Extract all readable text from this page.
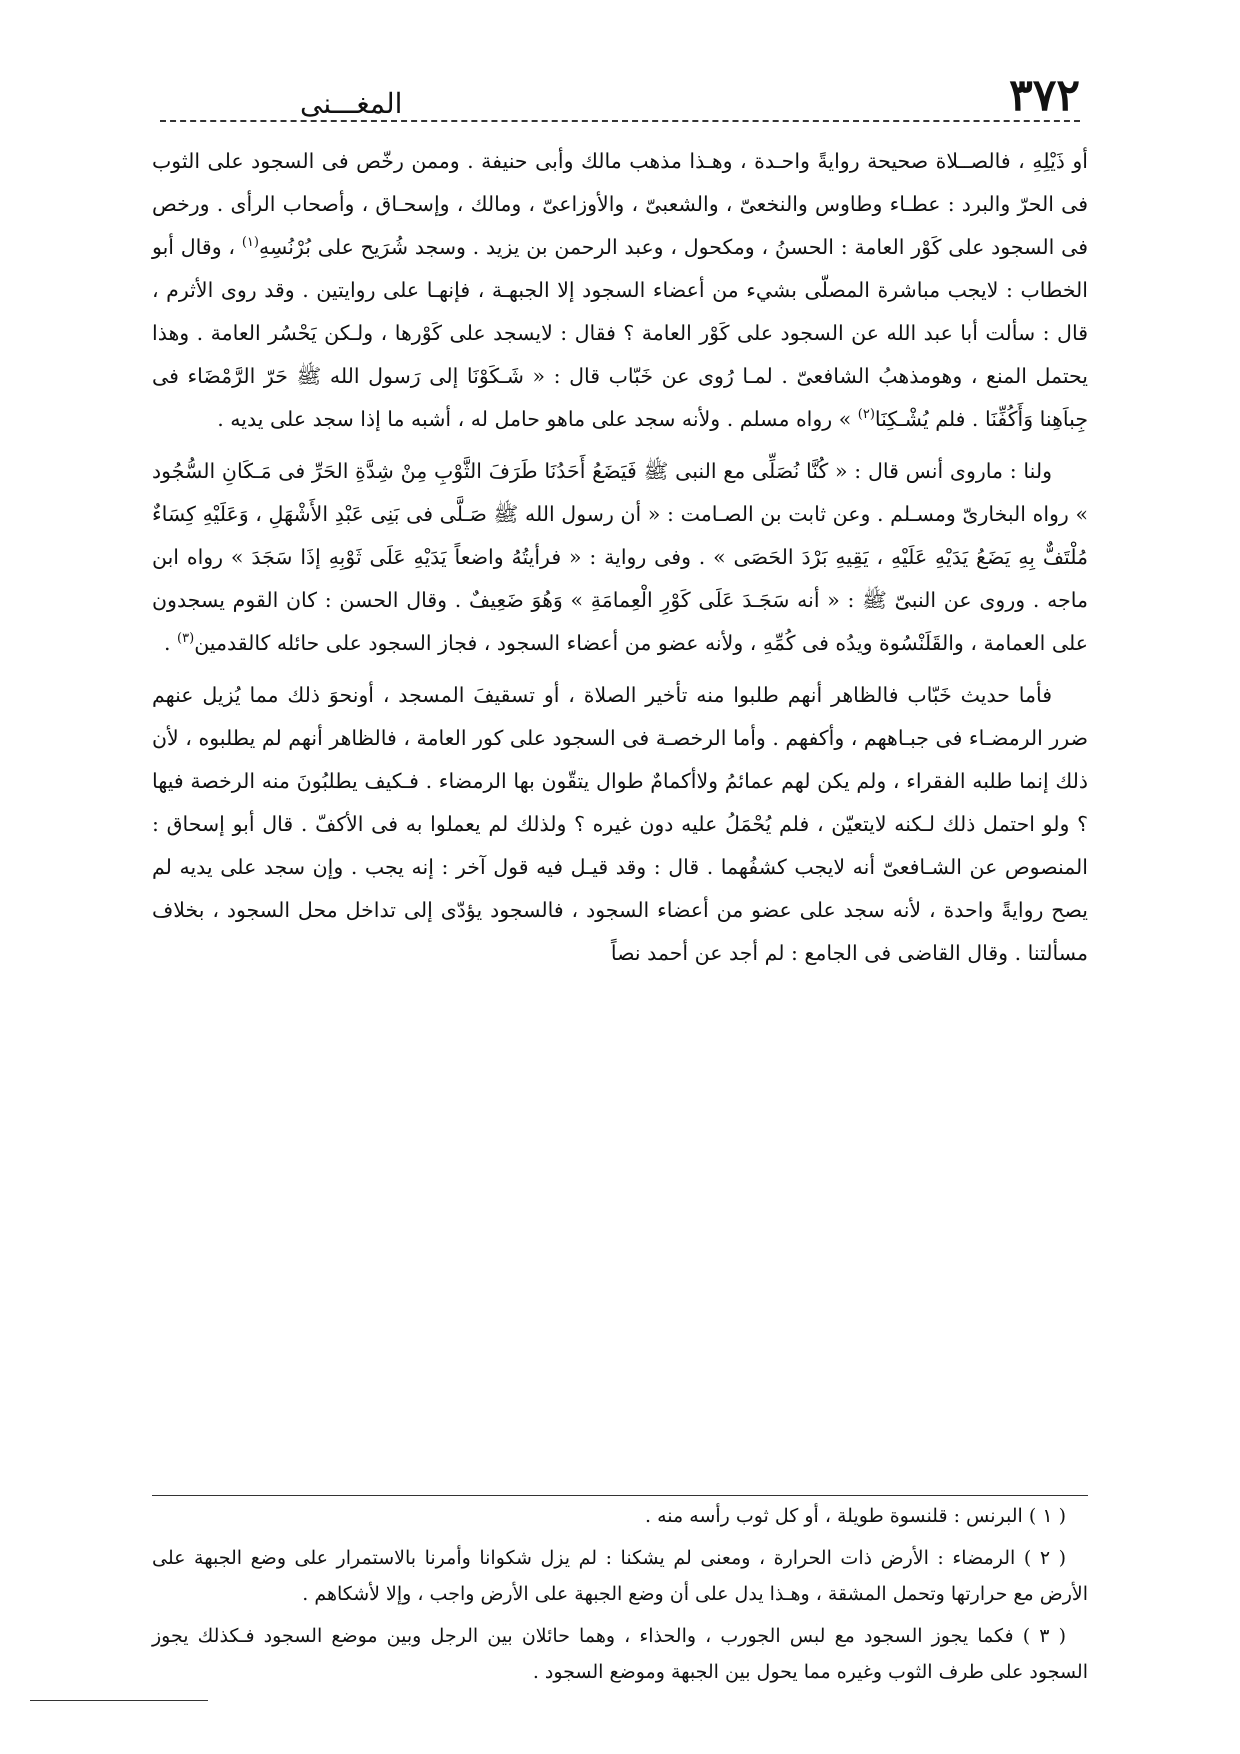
٣٧٢
المغـــنى

أو ذَيْلِهِ ، فالصــلاة صحيحة روايةً واحـدة ، وهـذا مذهب مالك وأبى حنيفة . وممن رخّص فى السجود على الثوب فى الحرّ والبرد : عطـاء وطاوس والنخعىّ ، والشعبىّ ، والأوزاعىّ ، ومالك ، وإسحـاق ، وأصحاب الرأى . ورخص فى السجود على كَوْر العامة : الحسنُ ، ومكحول ، وعبد الرحمن بن يزيد . وسجد شُرَيح على بُرْنُسِهِ$^{(١)}$ ، وقال أبو الخطاب : لايجب مباشرة المصلّى بشيء من أعضاء السجود إلا الجبهـة ، فإنهـا على روايتين . وقد روى الأثرم ، قال : سألت أبا عبد الله عن السجود على كَوْر العامة ؟ فقال : لايسجد على كَوْرها ، ولـكن يَحْسُر العامة . وهذا يحتمل المنع ، وهومذهبُ الشافعىّ . لمـا رُوى عن خَبّاب قال : « شَـكَوْنَا إلى رَسول الله ﷺ حَرّ الرَّمْضَاء فى جِباَهِنا وَأَكُفِّنَا . فلم يُشْـكِنَا$^{(٢)}$ » رواه مسلم . ولأنه سجد على ماهو حامل له ، أشبه ما إذا سجد على يديه .

ولنا : ماروى أنس قال : « كُنَّا نُصَلِّى مع النبى ﷺ فَيَضَعُ أَحَدُنَا طَرَفَ الثَّوْبِ مِنْ شِدَّةِ الحَرِّ فى مَـكَانِ السُّجُود » رواه البخارىّ ومسـلم . وعن ثابت بن الصـامت : « أن رسول الله ﷺ صَـلَّى فى بَنِى عَبْدِ الأَشْهَلِ ، وَعَلَيْهِ كِسَاءٌ مُلْتَفٌّ بِهِ يَضَعُ يَدَيْهِ عَلَيْهِ ، يَقِيهِ بَرْدَ الحَصَى » . وفى رواية : « فرأيتُهُ واضعاً يَدَيْهِ عَلَى ثَوْبِهِ إذَا سَجَدَ » رواه ابن ماجه . وروى عن النبىّ ﷺ : « أنه سَجَـدَ عَلَى كَوْرِ الْعِمامَةِ » وَهُوَ ضَعِيفٌ . وقال الحسن : كان القوم يسجدون على العمامة ، والقَلَنْسُوة ويدُه فى كُمِّهِ ، ولأنه عضو من أعضاء السجود ، فجاز السجود على حائله كالقدمين$^{(٣)}$ .

فأما حديث خَبّاب فالظاهر أنهم طلبوا منه تأخير الصلاة ، أو تسقيفَ المسجد ، أونحوَ ذلك مما يُزيل عنهم ضرر الرمضـاء فى جبـاههم ، وأكفهم . وأما الرخصـة فى السجود على كور العامة ، فالظاهر أنهم لم يطلبوه ، لأن ذلك إنما طلبه الفقراء ، ولم يكن لهم عمائمُ ولاأكمامٌ طوال يتقّون بها الرمضاء . فـكيف يطلبُونَ منه الرخصة فيها ؟ ولو احتمل ذلك لـكنه لايتعيّن ، فلم يُحْمَلُ عليه دون غيره ؟ ولذلك لم يعملوا به فى الأكفّ . قال أبو إسحاق : المنصوص عن الشـافعىّ أنه لايجب كشفُهما . قال : وقد قيـل فيه قول آخر : إنه يجب . وإن سجد على يديه لم يصح روايةً واحدة ، لأنه سجد على عضو من أعضاء السجود ، فالسجود يؤدّى إلى تداخل محل السجود ، بخلاف مسألتنا . وقال القاضى فى الجامع : لم أجد عن أحمد نصاً

( ١ ) البرنس : قلنسوة طويلة ، أو كل ثوب رأسه منه .

( ٢ ) الرمضاء : الأرض ذات الحرارة ، ومعنى لم يشكنا : لم يزل شكوانا وأمرنا بالاستمرار على وضع الجبهة على الأرض مع حرارتها وتحمل المشقة ، وهـذا يدل على أن وضع الجبهة على الأرض واجب ، وإلا لأشكاهم .

( ٣ ) فكما يجوز السجود مع لبس الجورب ، والحذاء ، وهما حائلان بين الرجل وبين موضع السجود فـكذلك يجوز السجود على طرف الثوب وغيره مما يحول بين الجبهة وموضع السجود .
